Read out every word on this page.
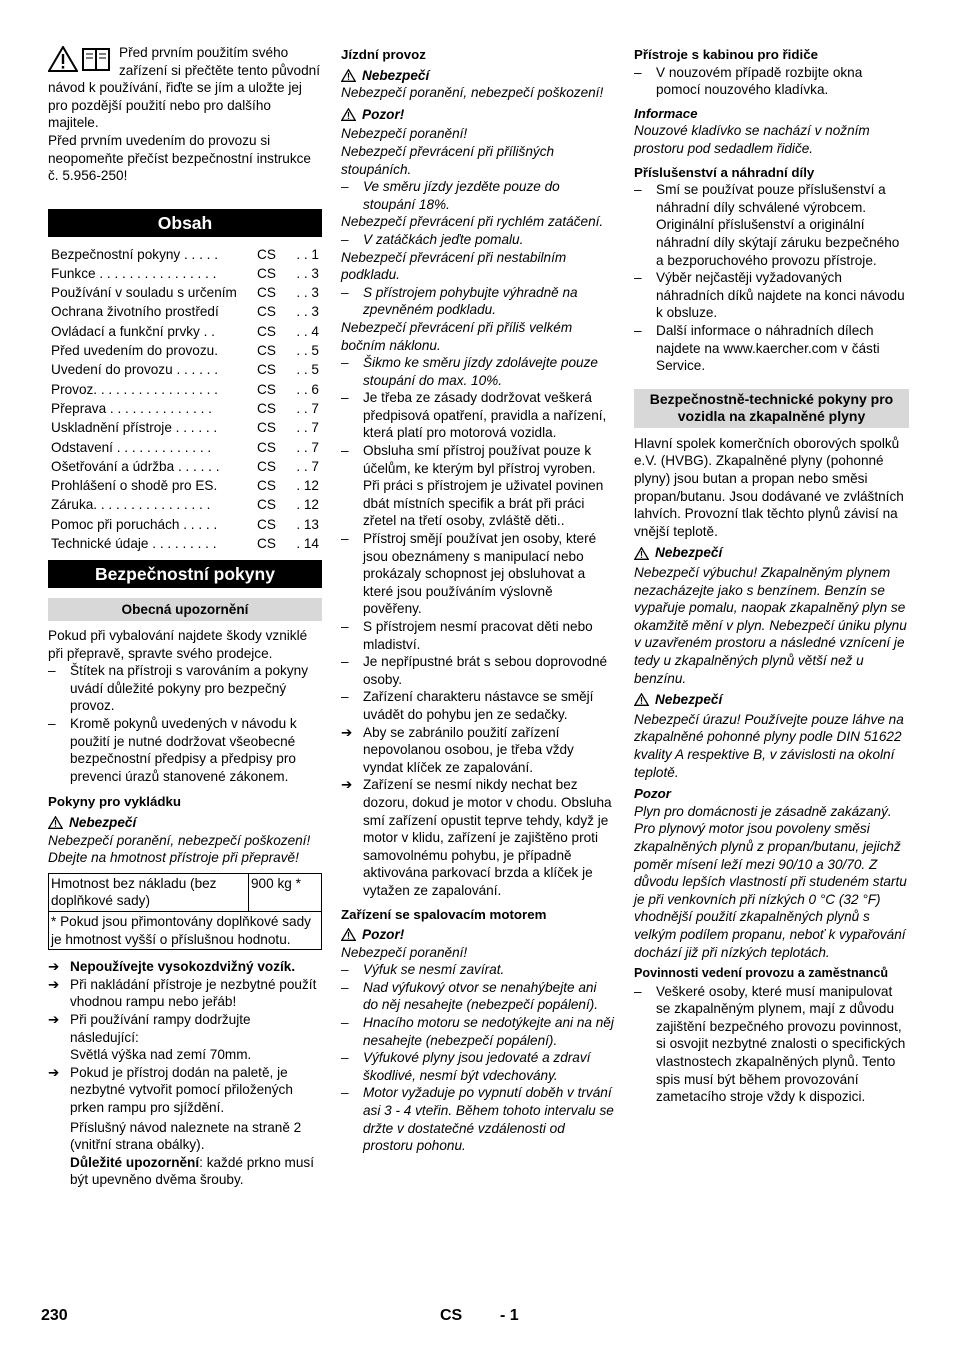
Před prvním použitím svého zařízení si přečtěte tento původní návod k používání, řiďte se jím a uložte jej pro pozdější použití nebo pro dalšího majitele.

Před prvním uvedením do provozu si neopomeňte přečíst bezpečnostní instrukce č. 5.956-250!

Obsah
Bezpečnostní pokyny . . . . .	CS	. . 1
Funkce . . . . . . . . . . . . . . . .	CS	. . 3
Používání v souladu s určením	CS	. . 3
Ochrana životního prostředí	CS	. . 3
Ovládací a funkční prvky . .	CS	. . 4
Před uvedením do provozu.	CS	. . 5
Uvedení do provozu . . . . . .	CS	. . 5
Provoz. . . . . . . . . . . . . . . . .	CS	. . 6
Přeprava . . . . . . . . . . . . . .	CS	. . 7
Uskladnění přístroje . . . . . .	CS	. . 7
Odstavení . . . . . . . . . . . . .	CS	. . 7
Ošetřování a údržba . . . . . .	CS	. . 7
Prohlášení o shodě pro ES.	CS	. 12
Záruka. . . . . . . . . . . . . . . .	CS	. 12
Pomoc při poruchách . . . . .	CS	. 13
Technické údaje . . . . . . . . .	CS	. 14
Bezpečnostní pokyny
Obecná upozornění

Pokud při vybalování najdete škody vzniklé při přepravě, spravte svého prodejce.

– Štítek na přístroji s varováním a pokyny uvádí důležité pokyny pro bezpečný provoz.

– Kromě pokynů uvedených v návodu k použití je nutné dodržovat všeobecné bezpečnostní předpisy a předpisy pro prevenci úrazů stanovené zákonem.

Pokyny pro vykládku

Nebezpečí

Nebezpečí poranění, nebezpečí poškození!

Dbejte na hmotnost přístroje při přepravě!

Hmotnost bez nákladu (bez doplňkové sady)	900 kg *
* Pokud jsou přimontovány doplňkové sady je hmotnost vyšší o příslušnou hodnotu.

➔ Nepoužívejte vysokozdvižný vozík.

➔ Při nakládání přístroje je nezbytné použít vhodnou rampu nebo jeřáb!

➔ Při používání rampy dodržujte následující:

Světlá výška nad zemí 70mm.

➔ Pokud je přístroj dodán na paletě, je nezbytné vytvořit pomocí přiložených prken rampu pro sjíždění.

Příslušný návod naleznete na straně 2 (vnitřní strana obálky).

Důležité upozornění: každé prkno musí být upevněno dvěma šrouby.

Jízdní provoz

Nebezpečí

Nebezpečí poranění, nebezpečí poškození!

Pozor!

Nebezpečí poranění!

Nebezpečí převrácení při přílišných stoupáních.

– Ve směru jízdy jezděte pouze do stoupání 18%.

Nebezpečí převrácení při rychlém zatáčení.

– V zatáčkách jeďte pomalu.

Nebezpečí převrácení při nestabilním podkladu.

– S přístrojem pohybujte výhradně na zpevněném podkladu.

Nebezpečí převrácení při příliš velkém bočním náklonu.

– Šikmo ke směru jízdy zdolávejte pouze stoupání do max. 10%.

– Je třeba ze zásady dodržovat veškerá předpisová opatření, pravidla a nařízení, která platí pro motorová vozidla.

– Obsluha smí přístroj používat pouze k účelům, ke kterým byl přístroj vyroben. Při práci s přístrojem je uživatel povinen dbát místních specifik a brát při práci zřetel na třetí osoby, zvláště děti..

– Přístroj smějí používat jen osoby, které jsou obeznámeny s manipulací nebo prokázaly schopnost jej obsluhovat a které jsou používáním výslovně pověřeny.

– S přístrojem nesmí pracovat děti nebo mladiství.

– Je nepřípustné brát s sebou doprovodné osoby.

– Zařízení charakteru nástavce se smějí uvádět do pohybu jen ze sedačky.

➔ Aby se zabránilo použití zařízení nepovolanou osobou, je třeba vždy vyndat klíček ze zapalování.

➔ Zařízení se nesmí nikdy nechat bez dozoru, dokud je motor v chodu. Obsluha smí zařízení opustit teprve tehdy, když je motor v klidu, zařízení je zajištěno proti samovolnému pohybu, je případně aktivována parkovací brzda a klíček je vytažen ze zapalování.

Zařízení se spalovacím motorem

Pozor!

Nebezpečí poranění!

– Výfuk se nesmí zavírat.

– Nad výfukový otvor se nenahýbejte ani do něj nesahejte (nebezpečí popálení).

– Hnacího motoru se nedotýkejte ani na něj nesahejte (nebezpečí popálení).

– Výfukové plyny jsou jedovaté a zdraví škodlivé, nesmí být vdechovány.

– Motor vyžaduje po vypnutí doběh v trvání asi 3 - 4 vteřin. Během tohoto intervalu se držte v dostatečné vzdálenosti od prostoru pohonu.

Přístroje s kabinou pro řidiče

– V nouzovém případě rozbijte okna pomocí nouzového kladívka.

Informace

Nouzové kladívko se nachází v nožním prostoru pod sedadlem řidiče.

Příslušenství a náhradní díly

– Smí se používat pouze příslušenství a náhradní díly schválené výrobcem. Originální příslušenství a originální náhradní díly skýtají záruku bezpečného a bezporuchového provozu přístroje.

– Výběr nejčastěji vyžadovaných náhradních díků najdete na konci návodu k obsluze.

– Další informace o náhradních dílech najdete na www.kaercher.com v části Service.

Bezpečnostně-technické pokyny pro vozidla na zkapalněné plyny

Hlavní spolek komerčních oborových spolků e.V. (HVBG). Zkapalněné plyny (pohonné plyny) jsou butan a propan nebo směsi propan/butanu. Jsou dodávané ve zvláštních lahvích. Provozní tlak těchto plynů závisí na vnější teplotě.

Nebezpečí

Nebezpečí výbuchu! Zkapalněným plynem nezacházejte jako s benzínem. Benzín se vypařuje pomalu, naopak zkapalněný plyn se okamžitě mění v plyn. Nebezpečí úniku plynu v uzavřeném prostoru a následné vznícení je tedy u zkapalněných plynů větší než u benzínu.

Nebezpečí

Nebezpečí úrazu! Používejte pouze láhve na zkapalněné pohonné plyny podle DIN 51622 kvality A respektive B, v závislosti na okolní teplotě.

Pozor

Plyn pro domácnosti je zásadně zakázaný. Pro plynový motor jsou povoleny směsi zkapalněných plynů z propan/butanu, jejichž poměr mísení leží mezi 90/10 a 30/70. Z důvodu lepších vlastností při studeném startu je při venkovních při nízkých 0 °C (32 °F) vhodnější použití zkapalněných plynů s velkým podílem propanu, neboť k vypařování dochází již při nízkých teplotách.

Povinnosti vedení provozu a zaměstnanců

– Veškeré osoby, které musí manipulovat se zkapalněným plynem, mají z důvodu zajištění bezpečného provozu povinnost, si osvojit nezbytné znalosti o specifických vlastnostech zkapalněných plynů. Tento spis musí být během provozování zametacího stroje vždy k dispozici.

230	CS - 1
